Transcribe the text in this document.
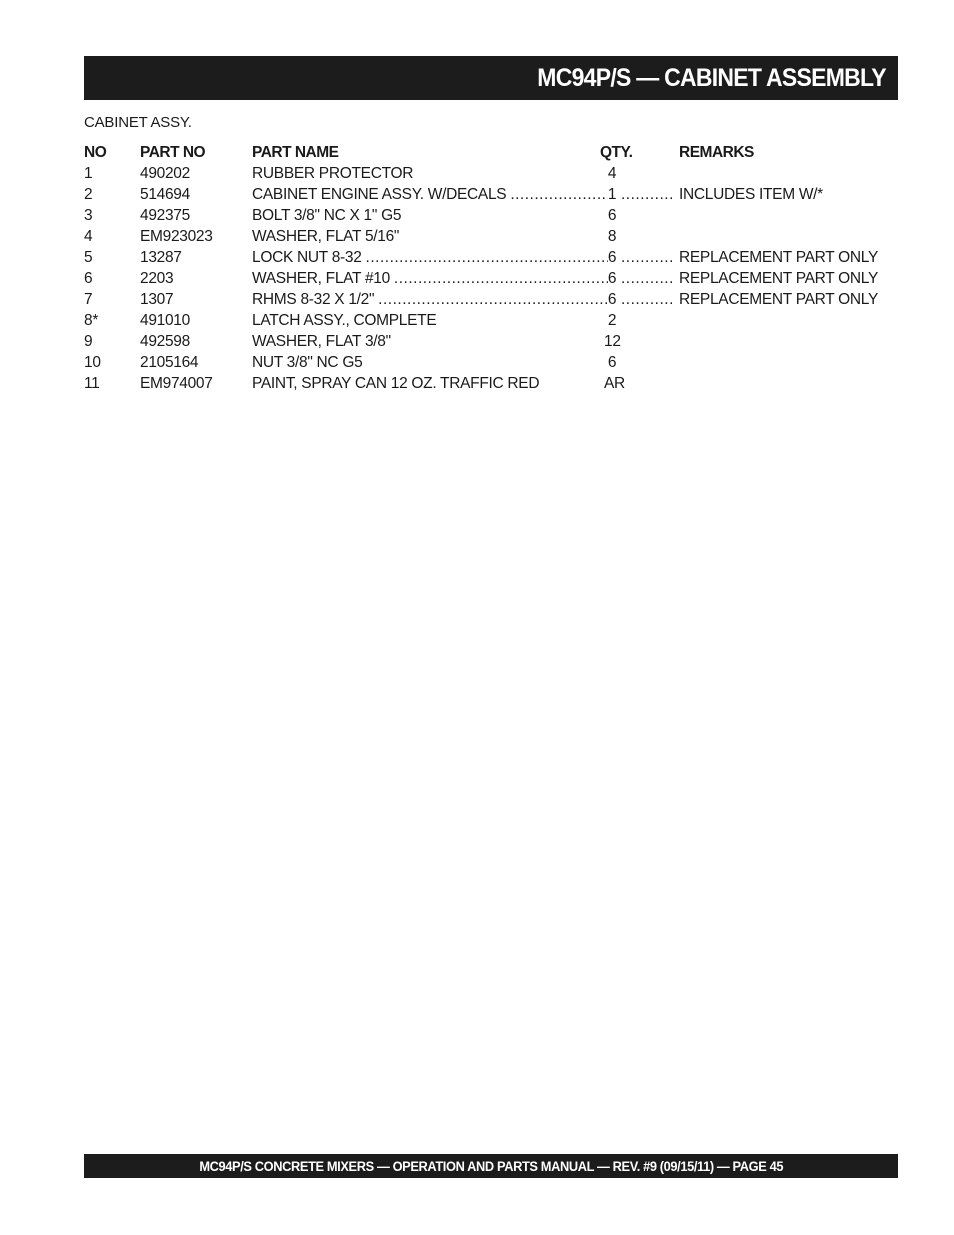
MC94P/S — CABINET ASSEMBLY
CABINET ASSY.
NO PART NO	PART NAME	QTY.	REMARKS
1	490202	RUBBER PROTECTOR	4
2	514694	CABINET ENGINE ASSY. W/DECALS .....	1 .....	INCLUDES ITEM W/*
3	492375	BOLT 3/8" NC X 1" G5	6
4	EM923023	WASHER, FLAT 5/16"	8
5	13287	LOCK NUT 8-32 .....	6 .....	REPLACEMENT PART ONLY
6	2203	WASHER, FLAT #10 .....	6 .....	REPLACEMENT PART ONLY
7	1307	RHMS 8-32 X 1/2" .....	6 .....	REPLACEMENT PART ONLY
8*	491010	LATCH ASSY., COMPLETE	2
9	492598	WASHER, FLAT 3/8"	12
10	2105164	NUT 3/8" NC G5	6
11	EM974007	PAINT, SPRAY CAN 12 OZ. TRAFFIC RED	AR
MC94P/S CONCRETE MIXERS — OPERATION AND PARTS MANUAL — REV. #9 (09/15/11) — PAGE 45
